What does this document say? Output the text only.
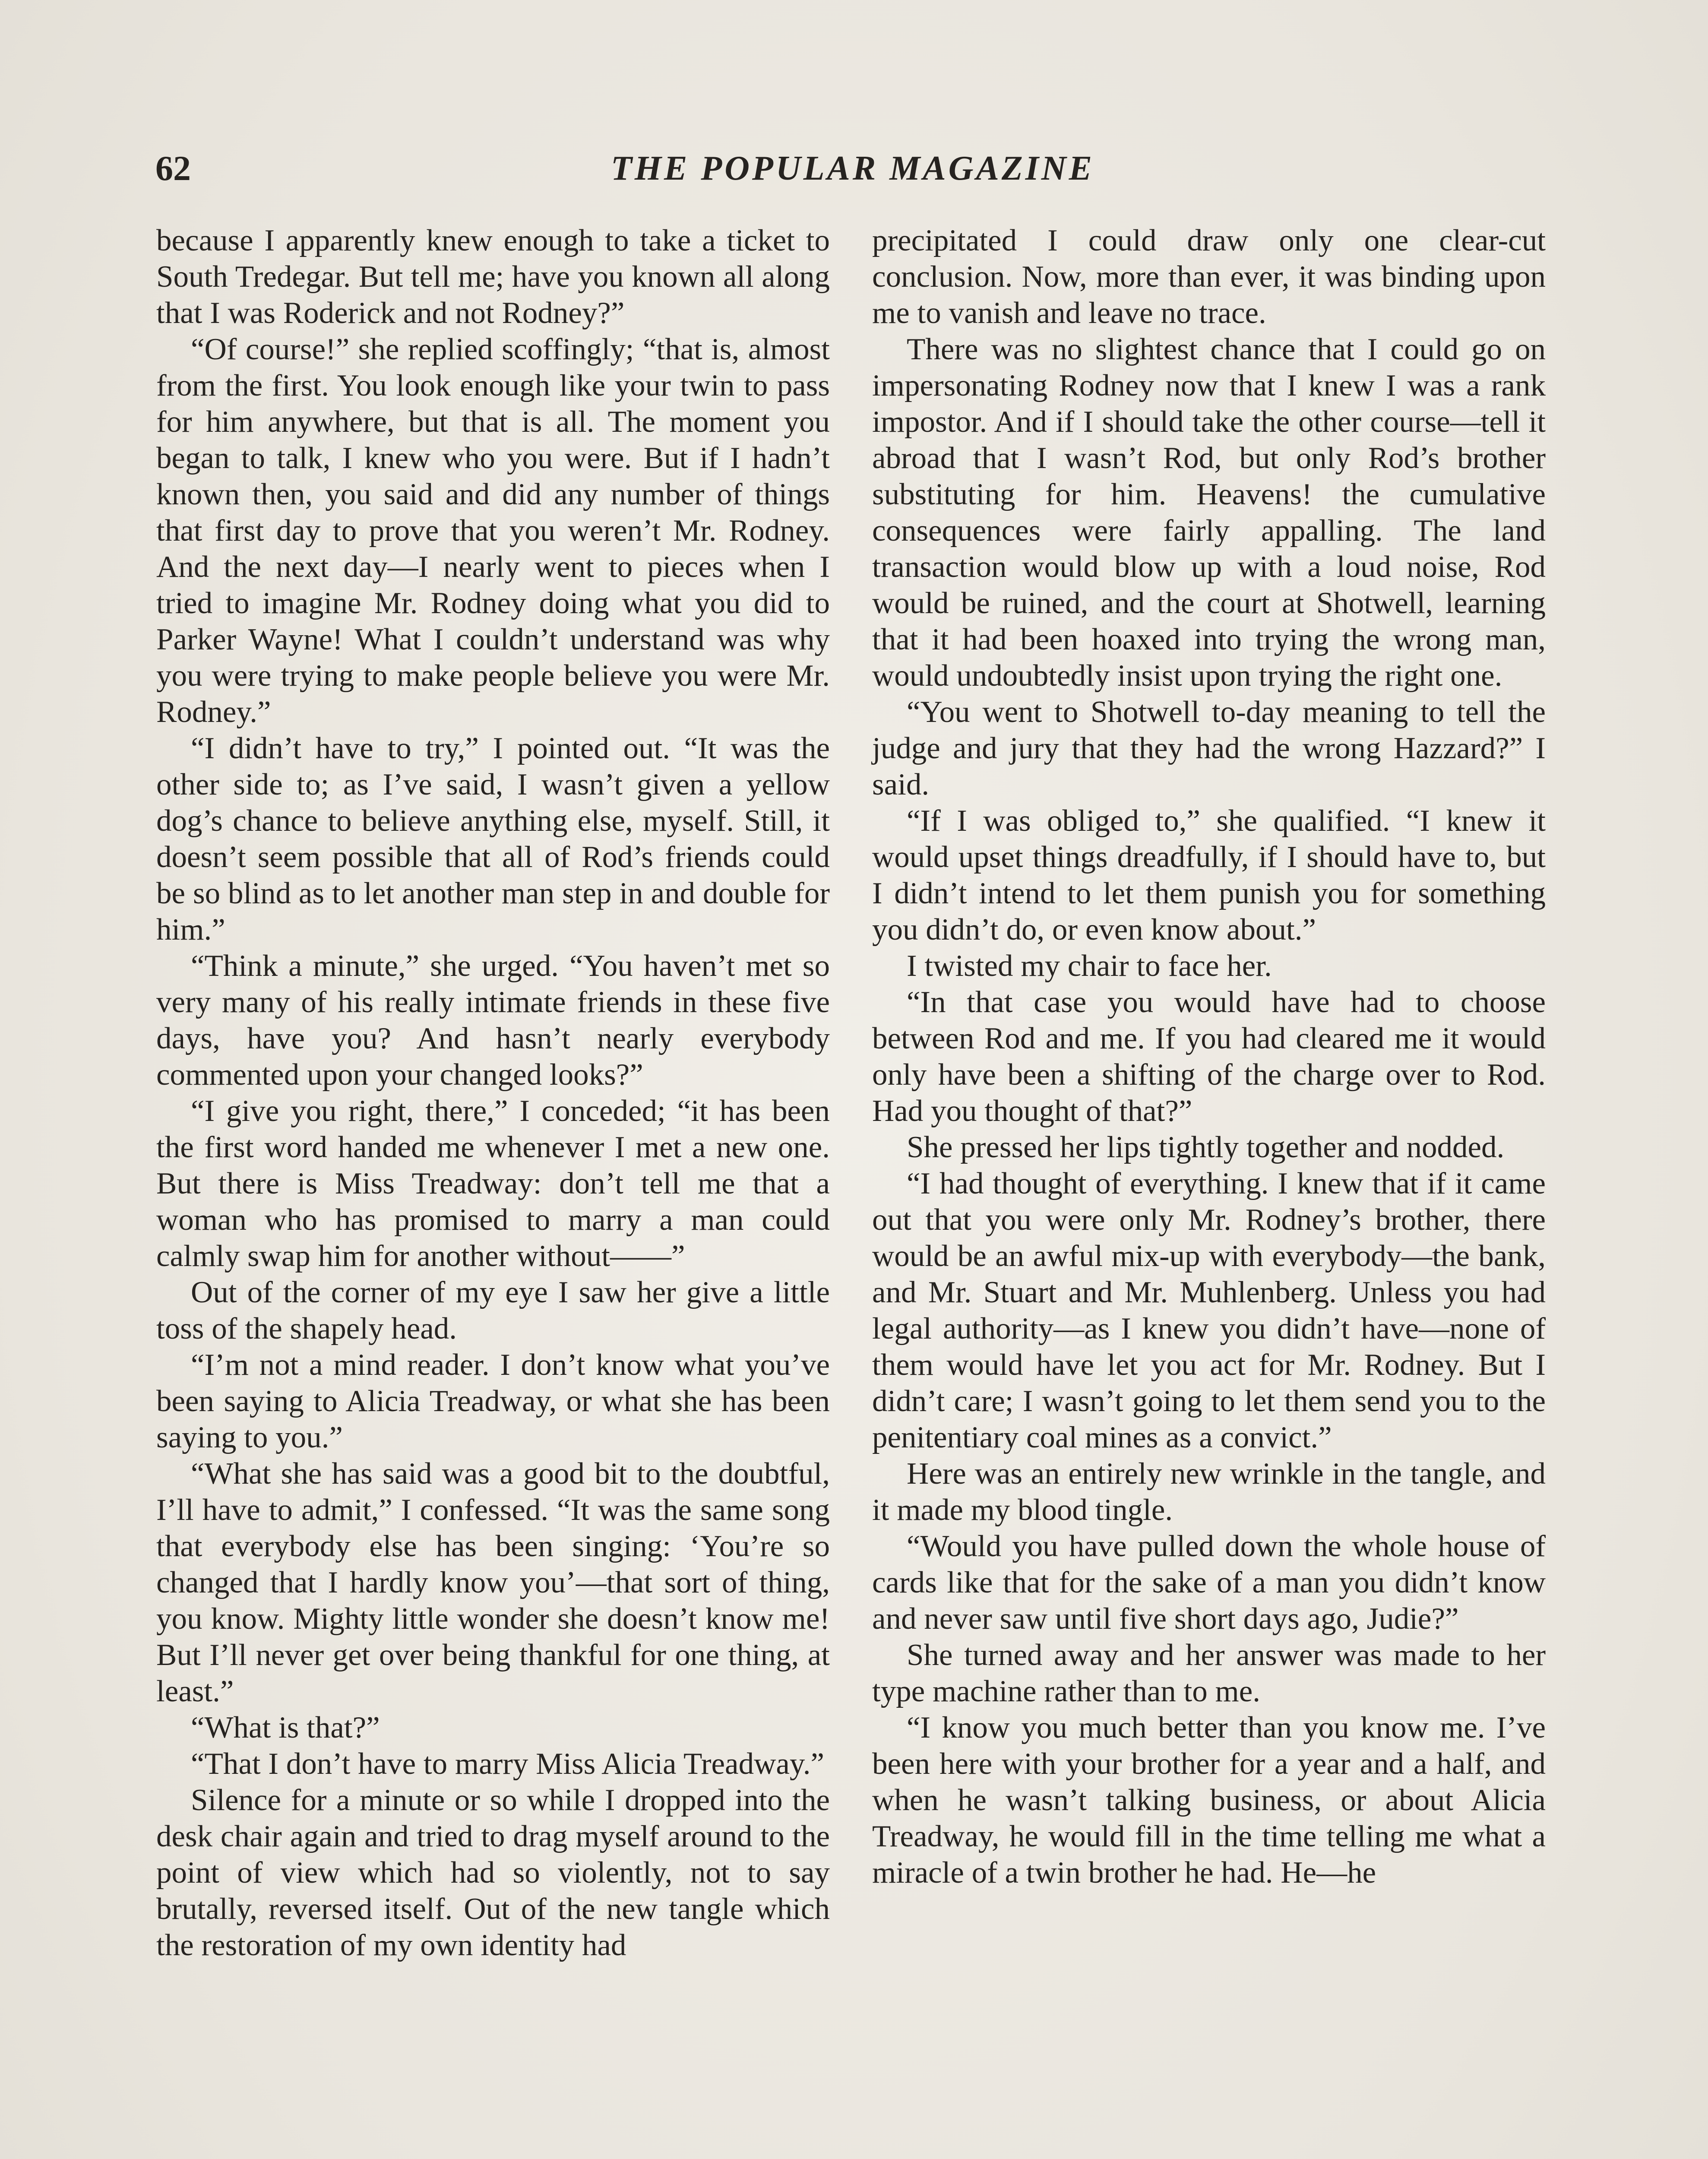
62	THE POPULAR MAGAZINE

because I apparently knew enough to take a ticket to South Tredegar. But tell me; have you known all along that I was Roderick and not Rodney?”

“Of course!” she replied scoffingly; “that is, almost from the first. You look enough like your twin to pass for him anywhere, but that is all. The moment you began to talk, I knew who you were. But if I hadn’t known then, you said and did any number of things that first day to prove that you weren’t Mr. Rodney. And the next day—I nearly went to pieces when I tried to imagine Mr. Rodney doing what you did to Parker Wayne! What I couldn’t understand was why you were trying to make people believe you were Mr. Rodney.”

“I didn’t have to try,” I pointed out. “It was the other side to; as I’ve said, I wasn’t given a yellow dog’s chance to believe anything else, myself. Still, it doesn’t seem possible that all of Rod’s friends could be so blind as to let another man step in and double for him.”

“Think a minute,” she urged. “You haven’t met so very many of his really intimate friends in these five days, have you? And hasn’t nearly everybody commented upon your changed looks?”

“I give you right, there,” I conceded; “it has been the first word handed me whenever I met a new one. But there is Miss Treadway: don’t tell me that a woman who has promised to marry a man could calmly swap him for another without——”

Out of the corner of my eye I saw her give a little toss of the shapely head.

“I’m not a mind reader. I don’t know what you’ve been saying to Alicia Treadway, or what she has been saying to you.”

“What she has said was a good bit to the doubtful, I’ll have to admit,” I confessed. “It was the same song that everybody else has been singing: ‘You’re so changed that I hardly know you’—that sort of thing, you know. Mighty little wonder she doesn’t know me! But I’ll never get over being thankful for one thing, at least.”

“What is that?”

“That I don’t have to marry Miss Alicia Treadway.”

Silence for a minute or so while I dropped into the desk chair again and tried to drag myself around to the point of view which had so violently, not to say brutally, reversed itself. Out of the new tangle which the restoration of my own identity had

precipitated I could draw only one clear-cut conclusion. Now, more than ever, it was binding upon me to vanish and leave no trace.

There was no slightest chance that I could go on impersonating Rodney now that I knew I was a rank impostor. And if I should take the other course—tell it abroad that I wasn’t Rod, but only Rod’s brother substituting for him. Heavens! the cumulative consequences were fairly appalling. The land transaction would blow up with a loud noise, Rod would be ruined, and the court at Shotwell, learning that it had been hoaxed into trying the wrong man, would undoubtedly insist upon trying the right one.

“You went to Shotwell to-day meaning to tell the judge and jury that they had the wrong Hazzard?” I said.

“If I was obliged to,” she qualified. “I knew it would upset things dreadfully, if I should have to, but I didn’t intend to let them punish you for something you didn’t do, or even know about.”

I twisted my chair to face her.

“In that case you would have had to choose between Rod and me. If you had cleared me it would only have been a shifting of the charge over to Rod. Had you thought of that?”

She pressed her lips tightly together and nodded.

“I had thought of everything. I knew that if it came out that you were only Mr. Rodney’s brother, there would be an awful mix-up with everybody—the bank, and Mr. Stuart and Mr. Muhlenberg. Unless you had legal authority—as I knew you didn’t have—none of them would have let you act for Mr. Rodney. But I didn’t care; I wasn’t going to let them send you to the penitentiary coal mines as a convict.”

Here was an entirely new wrinkle in the tangle, and it made my blood tingle.

“Would you have pulled down the whole house of cards like that for the sake of a man you didn’t know and never saw until five short days ago, Judie?”

She turned away and her answer was made to her type machine rather than to me.

“I know you much better than you know me. I’ve been here with your brother for a year and a half, and when he wasn’t talking business, or about Alicia Treadway, he would fill in the time telling me what a miracle of a twin brother he had. He—he
